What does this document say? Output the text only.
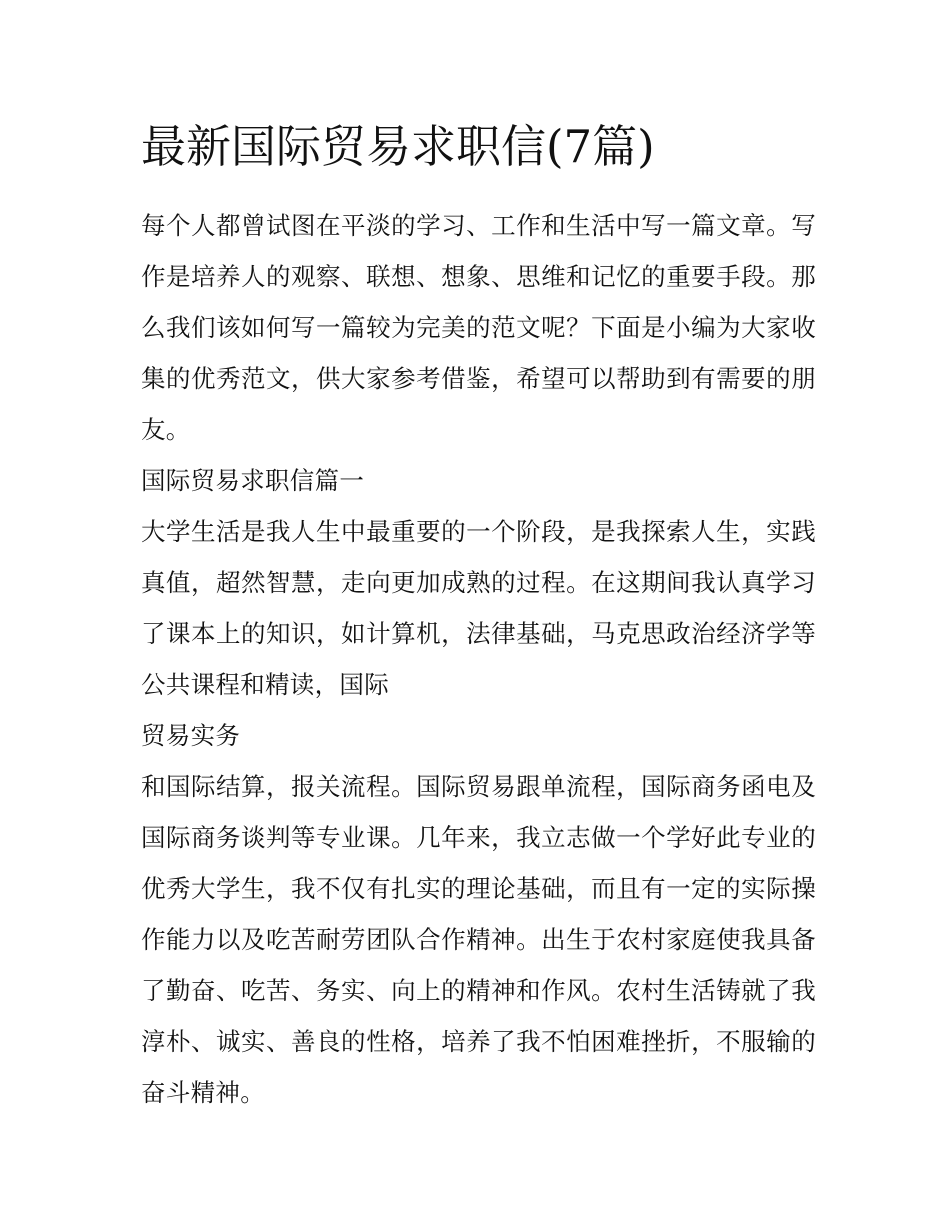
最新国际贸易求职信(7篇)

每个人都曾试图在平淡的学习、工作和生活中写一篇文章。写作是培养人的观察、联想、想象、思维和记忆的重要手段。那么我们该如何写一篇较为完美的范文呢？下面是小编为大家收集的优秀范文，供大家参考借鉴，希望可以帮助到有需要的朋友。

国际贸易求职信篇一

大学生活是我人生中最重要的一个阶段，是我探索人生，实践真值，超然智慧，走向更加成熟的过程。在这期间我认真学习了课本上的知识，如计算机，法律基础，马克思政治经济学等公共课程和精读，国际

贸易实务

和国际结算，报关流程。国际贸易跟单流程，国际商务函电及国际商务谈判等专业课。几年来，我立志做一个学好此专业的优秀大学生，我不仅有扎实的理论基础，而且有一定的实际操作能力以及吃苦耐劳团队合作精神。出生于农村家庭使我具备了勤奋、吃苦、务实、向上的精神和作风。农村生活铸就了我淳朴、诚实、善良的性格，培养了我不怕困难挫折，不服输的奋斗精神。
